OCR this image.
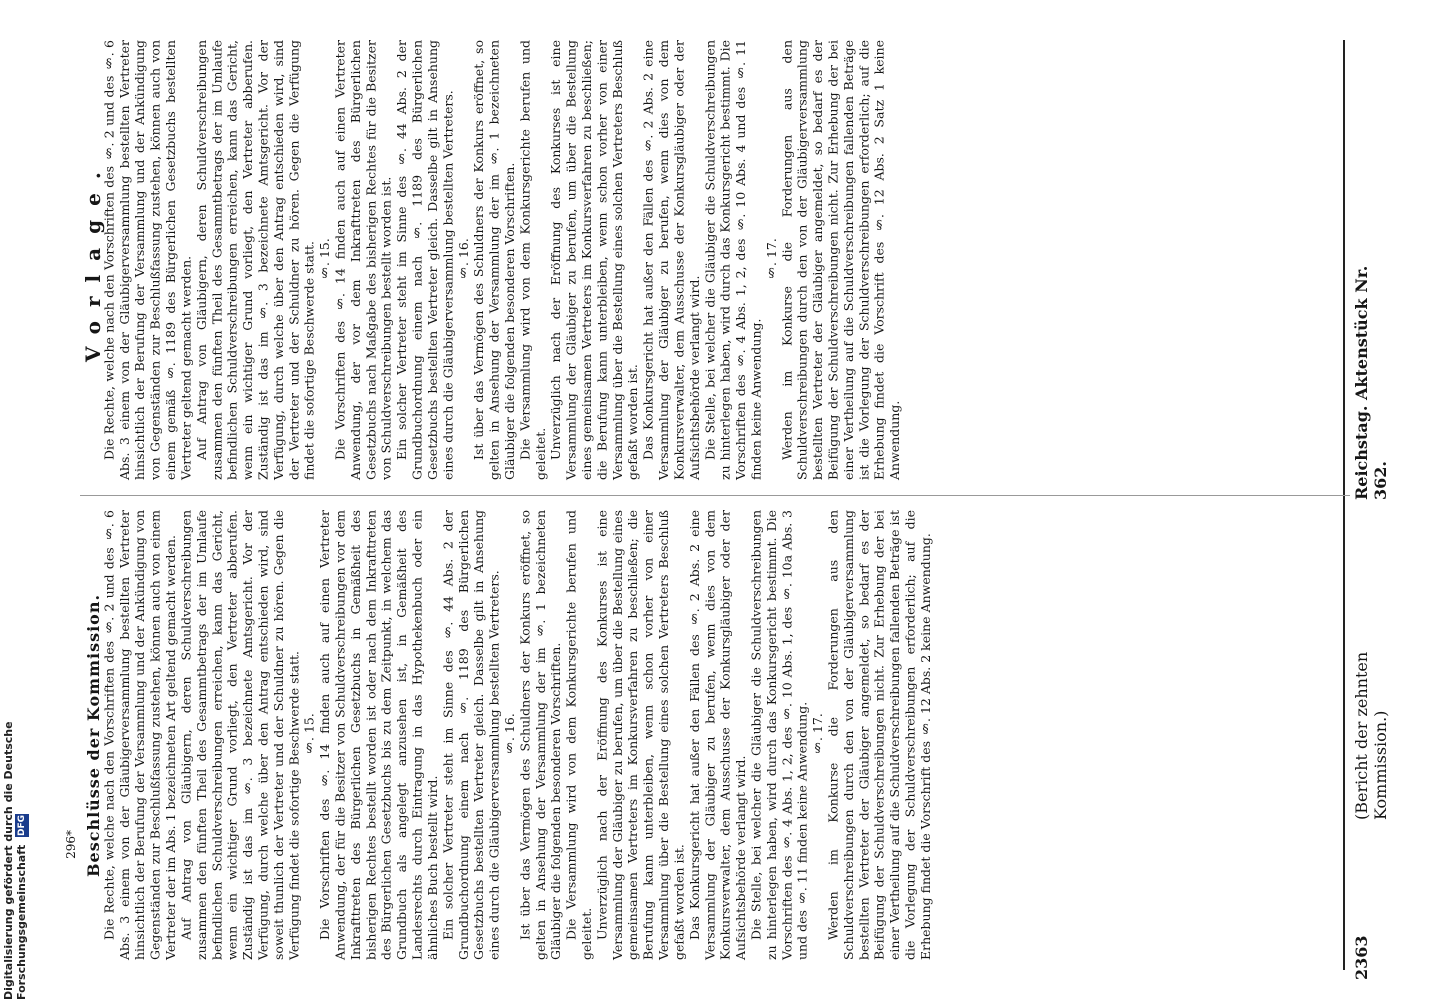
Reichstag. Aktenstück Nr. 362.
(Bericht der zehnten Kommission.)
2363

Vorlage.

Die Rechte, welche nach den Vorschriften des §. 2 und des §. 6 Abs. 3 einem von der Gläubigerversammlung bestellten Vertreter hinsichtlich der Berufung der Versammlung und der Ankündigung von Gegenständen zur Beschlußfassung zustehen, können auch von einem gemäß §. 1189 des Bürgerlichen Gesetzbuchs bestellten Vertreter geltend gemacht werden. Auf Antrag von Gläubigern, deren Schuldverschreibungen zusammen den fünften Theil des Gesammtbetrags der im Umlaufe befindlichen Schuldverschreibungen erreichen, kann das Gericht, wenn ein wichtiger Grund vorliegt, den Vertreter abberufen. Zuständig ist das im §. 3 bezeichnete Amtsgericht. Vor der Verfügung, durch welche über den Antrag entschieden wird, sind der Vertreter und der Schuldner zu hören. Gegen die Verfügung findet die sofortige Beschwerde statt. §. 15. Die Vorschriften des §. 14 finden auch auf einen Vertreter Anwendung, der vor dem Inkrafttreten des Bürgerlichen Gesetzbuchs nach Maßgabe des bisherigen Rechtes für die Besitzer von Schuldverschreibungen bestellt worden ist. Ein solcher Vertreter steht im Sinne des §. 44 Abs. 2 der Grundbuchordnung einem nach §. 1189 des Bürgerlichen Gesetzbuchs bestellten Vertreter gleich. Dasselbe gilt in Ansehung eines durch die Gläubigerversammlung bestellten Vertreters. §. 16. Ist über das Vermögen des Schuldners der Konkurs eröffnet, so gelten in Ansehung der Versammlung der im §. 1 bezeichneten Gläubiger die folgenden besonderen Vorschriften. Die Versammlung wird von dem Konkursgerichte berufen und geleitet. Unverzüglich nach der Eröffnung des Konkurses ist eine Versammlung der Gläubiger zu berufen, um über die Bestellung eines gemeinsamen Vertreters im Konkursverfahren zu beschließen; die Berufung kann unterbleiben, wenn schon vorher von einer Versammlung über die Bestellung eines solchen Vertreters Beschluß gefaßt worden ist. Das Konkursgericht hat außer den Fällen des §. 2 Abs. 2 eine Versammlung der Gläubiger zu berufen, wenn dies von dem Konkursverwalter, dem Ausschusse der Konkursgläubiger oder der Aufsichtsbehörde verlangt wird. Die Stelle, bei welcher die Gläubiger die Schuldverschreibungen zu hinterlegen haben, wird durch das Konkursgericht bestimmt. Die Vorschriften des §. 4 Abs. 1, 2, des §. 10 Abs. 4 und des §. 11 finden keine Anwendung.

§. 17. Werden im Konkurse die Forderungen aus den Schuldverschreibungen durch den von der Gläubigerversammlung bestellten Vertreter der Gläubiger angemeldet, so bedarf es der Beifügung der Schuldverschreibungen nicht. Zur Erhebung der bei einer Vertheilung auf die Schuldverschreibungen fallenden Beträge ist die Vorlegung der Schuldverschreibungen erforderlich; auf die Erhebung findet die Vorschrift des §. 12 Abs. 2 Satz 1 keine Anwendung.

Beschlüsse der Kommission.

Die Rechte, welche nach den Vorschriften des §. 2 und des §. 6 Abs. 3 einem von der Gläubigerversammlung bestellten Vertreter hinsichtlich der Berufung der Versammlung und der Ankündigung von Gegenständen zur Beschlußfassung zustehen, können auch von einem Vertreter der im Abs. 1 bezeichneten Art geltend gemacht werden. Auf Antrag von Gläubigern, deren Schuldverschreibungen zusammen den fünften Theil des Gesammtbetrags der im Umlaufe befindlichen Schuldverschreibungen erreichen, kann das Gericht, wenn ein wichtiger Grund vorliegt, den Vertreter abberufen. Zuständig ist das im §. 3 bezeichnete Amtsgericht. Vor der Verfügung, durch welche über den Antrag entschieden wird, sind soweit thunlich der Vertreter und der Schuldner zu hören. Gegen die Verfügung findet die sofortige Beschwerde statt. §. 15. Die Vorschriften des §. 14 finden auch auf einen Vertreter Anwendung, der für die Besitzer von Schuldverschreibungen vor dem Inkrafttreten des Bürgerlichen Gesetzbuchs in Gemäßheit des bisherigen Rechtes bestellt worden ist oder nach dem Inkrafttreten des Bürgerlichen Gesetzbuchs bis zu dem Zeitpunkt, in welchem das Grundbuch als angelegt anzusehen ist, in Gemäßheit des Landesrechts durch Eintragung in das Hypothekenbuch oder ein ähnliches Buch bestellt wird. Ein solcher Vertreter steht im Sinne des §. 44 Abs. 2 der Grundbuchordnung einem nach §. 1189 des Bürgerlichen Gesetzbuchs bestellten Vertreter gleich. Dasselbe gilt in Ansehung eines durch die Gläubigerversammlung bestellten Vertreters. §. 16. Ist über das Vermögen des Schuldners der Konkurs eröffnet, so gelten in Ansehung der Versammlung der im §. 1 bezeichneten Gläubiger die folgenden besonderen Vorschriften. Die Versammlung wird von dem Konkursgerichte berufen und geleitet. Unverzüglich nach der Eröffnung des Konkurses ist eine Versammlung der Gläubiger zu berufen, um über die Bestellung eines gemeinsamen Vertreters im Konkursverfahren zu beschließen; die Berufung kann unterbleiben, wenn schon vorher von einer Versammlung über die Bestellung eines solchen Vertreters Beschluß gefaßt worden ist. Das Konkursgericht hat außer den Fällen des §. 2 Abs. 2 eine Versammlung der Gläubiger zu berufen, wenn dies von dem Konkursverwalter, dem Ausschusse der Konkursgläubiger oder der Aufsichtsbehörde verlangt wird. Die Stelle, bei welcher die Gläubiger die Schuldverschreibungen zu hinterlegen haben, wird durch das Konkursgericht bestimmt. Die Vorschriften des §. 4 Abs. 1, 2, des §. 10 Abs. 1, des §. 10a Abs. 3 und des §. 11 finden keine Anwendung. §. 17. Werden im Konkurse die Forderungen aus den Schuldverschreibungen durch den von der Gläubigerversammlung bestellten Vertreter der Gläubiger angemeldet, so bedarf es der Beifügung der Schuldverschreibungen nicht. Zur Erhebung der bei einer Vertheilung auf die Schuldverschreibungen fallenden Beträge ist die Vorlegung der Schuldverschreibungen erforderlich; auf die Erhebung findet die Vorschrift des §. 12 Abs. 2 keine Anwendung.

296*
Digitalisierung gefördert durch die Deutsche Forschungsgemeinschaft DFG
